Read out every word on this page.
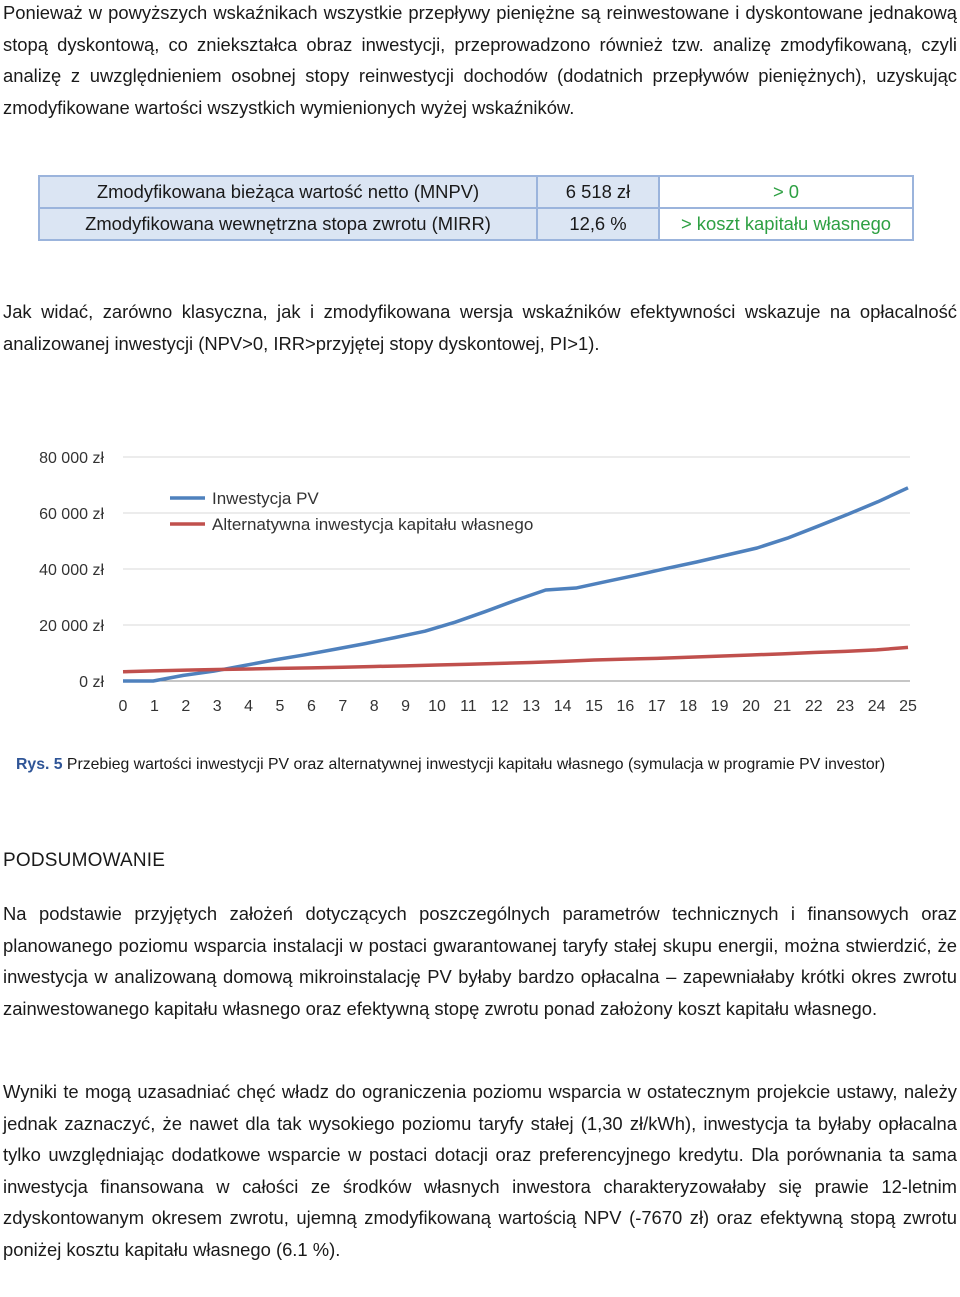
Ponieważ w powyższych wskaźnikach wszystkie przepływy pieniężne są reinwestowane i dyskontowane jednakową stopą dyskontową, co zniekształca obraz inwestycji, przeprowadzono również tzw. analizę zmodyfikowaną, czyli analizę z uwzględnieniem osobnej stopy reinwestycji dochodów (dodatnich przepływów pieniężnych), uzyskując zmodyfikowane wartości wszystkich wymienionych wyżej wskaźników.

Zmodyfikowana bieżąca wartość netto (MNPV)	6 518 zł	> 0
Zmodyfikowana wewnętrzna stopa zwrotu (MIRR)	12,6 %	> koszt kapitału własnego

Jak widać, zarówno klasyczna, jak i zmodyfikowana wersja wskaźników efektywności wskazuje na opłacalność analizowanej inwestycji (NPV>0, IRR>przyjętej stopy dyskontowej, PI>1).

0 zł
20 000 zł
40 000 zł
60 000 zł
80 000 zł
0 1 2 3 4 5 6 7 8 9 10 11 12 13 14 15 16 17 18 19 20 21 22 23 24 25
Inwestycja PV
Alternatywna inwestycja kapitału własnego

Rys. 5 Przebieg wartości inwestycji PV oraz alternatywnej inwestycji kapitału własnego (symulacja w programie PV investor)

PODSUMOWANIE

Na podstawie przyjętych założeń dotyczących poszczególnych parametrów technicznych i finansowych oraz planowanego poziomu wsparcia instalacji w postaci gwarantowanej taryfy stałej skupu energii, można stwierdzić, że inwestycja w analizowaną domową mikroinstalację PV byłaby bardzo opłacalna – zapewniałaby krótki okres zwrotu zainwestowanego kapitału własnego oraz efektywną stopę zwrotu ponad założony koszt kapitału własnego.

Wyniki te mogą uzasadniać chęć władz do ograniczenia poziomu wsparcia w ostatecznym projekcie ustawy, należy jednak zaznaczyć, że nawet dla tak wysokiego poziomu taryfy stałej (1,30 zł/kWh), inwestycja ta byłaby opłacalna tylko uwzględniając dodatkowe wsparcie w postaci dotacji oraz preferencyjnego kredytu. Dla porównania ta sama inwestycja finansowana w całości ze środków własnych inwestora charakteryzowałaby się prawie 12-letnim zdyskontowanym okresem zwrotu, ujemną zmodyfikowaną wartością NPV (-7670 zł) oraz efektywną stopą zwrotu poniżej kosztu kapitału własnego (6.1 %).
